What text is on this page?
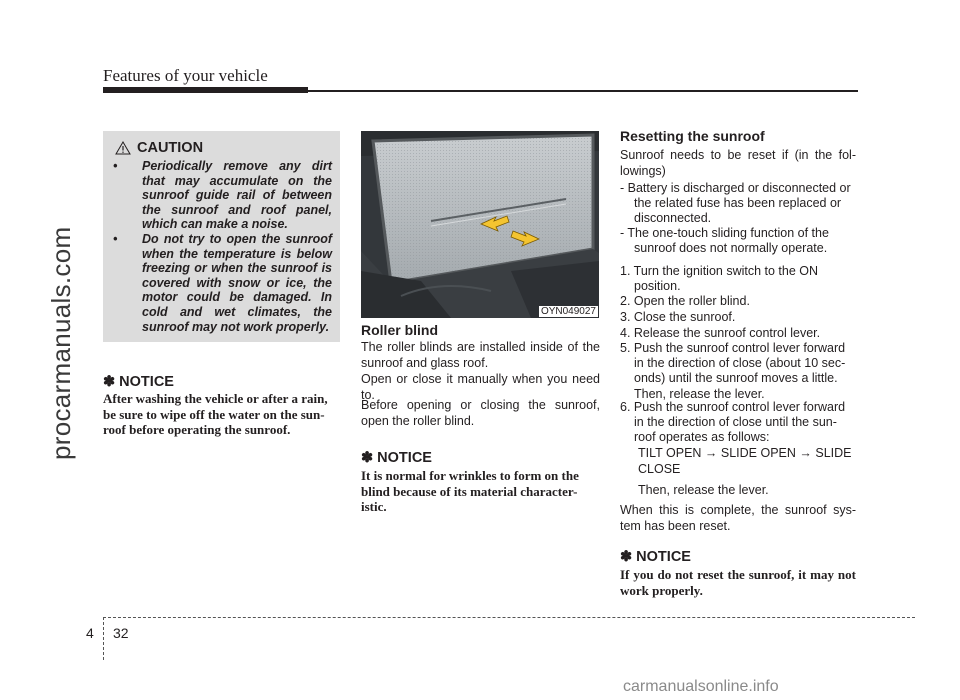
Features of your vehicle
procarmanuals.com
carmanualsonline.info
CAUTION
• Periodically remove any dirt that may accumulate on the sunroof guide rail of between the sunroof and roof panel, which can make a noise.
• Do not try to open the sunroof when the temperature is below freezing or when the sunroof is covered with snow or ice, the motor could be damaged. In cold and wet climates, the sunroof may not work properly.
✽ NOTICE
After washing the vehicle or after a rain, be sure to wipe off the water on the sun-roof before operating the sunroof.
OYN049027
Roller blind
The roller blinds are installed inside of the sunroof and glass roof.
Open or close it manually when you need to.
Before opening or closing the sunroof, open the roller blind.
✽ NOTICE
It is normal for wrinkles to form on the blind because of its material character-istic.
Resetting the sunroof
Sunroof needs to be reset if (in the fol-lowings)
- Battery is discharged or disconnected or the related fuse has been replaced or disconnected.
- The one-touch sliding function of the sunroof does not normally operate.
1. Turn the ignition switch to the ON position.
2. Open the roller blind.
3. Close the sunroof.
4. Release the sunroof control lever.
5. Push the sunroof control lever forward in the direction of close (about 10 sec-onds) until the sunroof moves a little. Then, release the lever.
6. Push the sunroof control lever forward in the direction of close until the sun-roof operates as follows:
TILT OPEN → SLIDE OPEN → SLIDE CLOSE
Then, release the lever.
When this is complete, the sunroof sys-tem has been reset.
✽ NOTICE
If you do not reset the sunroof, it may not work properly.
4 32
